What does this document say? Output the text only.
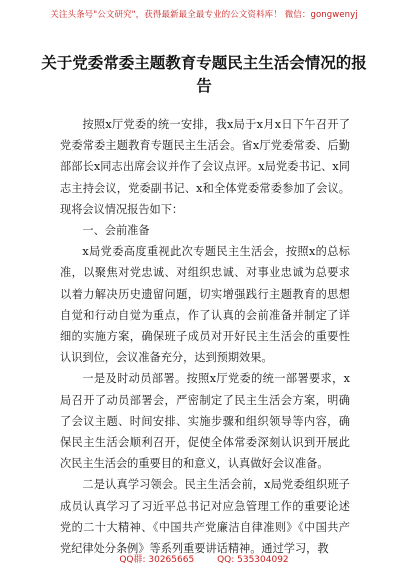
关注头条号"公文研究"，获得最新最全最专业的公文资料库！ 微信：gongwenyj
关于党委常委主题教育专题民主生活会情况的报告

按照x厅党委的统一安排，我x局于x月x日下午召开了党委常委主题教育专题民主生活会。省x厅党委常委、后勤部部长x同志出席会议并作了会议点评。x局党委书记、x同志主持会议，党委副书记、x和全体党委常委参加了会议。现将会议情况报告如下：

一、会前准备

x局党委高度重视此次专题民主生活会，按照x的总标准，以聚焦对党忠诚、对组织忠诚、对事业忠诚为总要求以着力解决历史遗留问题，切实增强践行主题教育的思想自觉和行动自觉为重点，作了认真的会前准备并制定了详细的实施方案，确保班子成员对开好民主生活会的重要性认识到位，会议准备充分，达到预期效果。

一是及时动员部署。按照x厅党委的统一部署要求，x局召开了动员部署会，严密制定了民主生活会方案，明确了会议主题、时间安排、实施步骤和组织领导等内容，确保民主生活会顺利召开，促使全体常委深刻认识到开展此次民主生活会的重要目的和意义，认真做好会议准备。

二是认真学习领会。民主生活会前，x局党委组织班子成员认真学习了习近平总书记对应急管理工作的重要论述党的二十大精神、《中国共产党廉洁自律准则》《中国共产党纪律处分条例》等系列重要讲话精神。通过学习，教

QQ群: 30265665	QQ: 535304092
